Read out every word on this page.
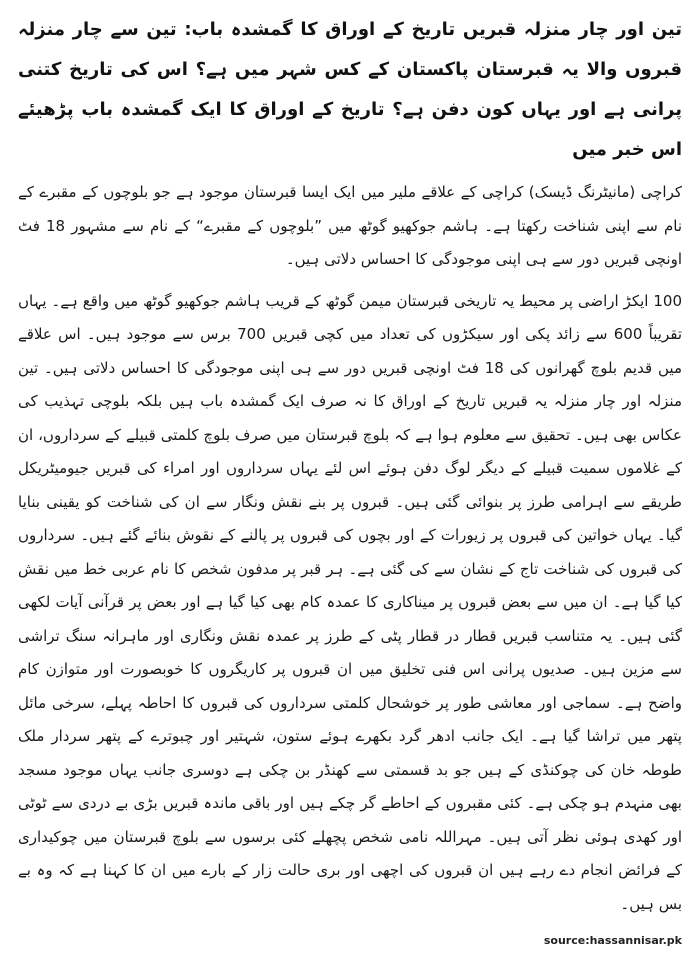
تین اور چار منزلہ قبریں تاریخ کے اوراق کا گمشدہ باب: تین سے چار منزلہ قبروں والا یہ قبرستان پاکستان کے کس شہر میں ہے؟ اس کی تاریخ کتنی پرانی ہے اور یہاں کون دفن ہے؟ تاریخ کے اوراق کا ایک گمشدہ باب پڑھیئے اس خبر میں

کراچی (مانیٹرنگ ڈیسک) کراچی کے علاقے ملیر میں ایک ایسا قبرستان موجود ہے جو بلوچوں کے مقبرے کے نام سے اپنی شناخت رکھتا ہے۔ ہاشم جوکھیو گوٹھ میں ”بلوچوں کے مقبرے“ کے نام سے مشہور 18 فٹ اونچی قبریں دور سے ہی اپنی موجودگی کا احساس دلاتی ہیں۔

100 ایکڑ اراضی پر محیط یہ تاریخی قبرستان میمن گوٹھ کے قریب ہاشم جوکھیو گوٹھ میں واقع ہے۔ یہاں تقریباً 600 سے زائد پکی اور سیکڑوں کی تعداد میں کچی قبریں 700 برس سے موجود ہیں۔ اس علاقے میں قدیم بلوچ گھرانوں کی 18 فٹ اونچی قبریں دور سے ہی اپنی موجودگی کا احساس دلاتی ہیں۔ تین منزلہ اور چار منزلہ یہ قبریں تاریخ کے اوراق کا نہ صرف ایک گمشدہ باب ہیں بلکہ بلوچی تہذیب کی عکاس بھی ہیں۔ تحقیق سے معلوم ہوا ہے کہ بلوچ قبرستان میں صرف بلوچ کلمتی قبیلے کے سرداروں، ان کے غلاموں سمیت قبیلے کے دیگر لوگ دفن ہوئے اس لئے یہاں سرداروں اور امراء کی قبریں جیومیٹریکل طریقے سے اہرامی طرز پر بنوائی گئی ہیں۔ قبروں پر بنے نقش ونگار سے ان کی شناخت کو یقینی بنایا گیا۔ یہاں خواتین کی قبروں پر زیورات کے اور بچوں کی قبروں پر پالنے کے نقوش بنائے گئے ہیں۔ سرداروں کی قبروں کی شناخت تاج کے نشان سے کی گئی ہے۔ ہر قبر پر مدفون شخص کا نام عربی خط میں نقش کیا گیا ہے۔ ان میں سے بعض قبروں پر میناکاری کا عمدہ کام بھی کیا گیا ہے اور بعض پر قرآنی آیات لکھی گئی ہیں۔ یہ متناسب قبریں قطار در قطار پٹی کے طرز پر عمدہ نقش ونگاری اور ماہرانہ سنگ تراشی سے مزین ہیں۔ صدیوں پرانی اس فنی تخلیق میں ان قبروں پر کاریگروں کا خوبصورت اور متوازن کام واضح ہے۔ سماجی اور معاشی طور پر خوشحال کلمتی سرداروں کی قبروں کا احاطہ پہلے، سرخی مائل پتھر میں تراشا گیا ہے۔ ایک جانب ادھر گرد بکھرے ہوئے ستون، شہتیر اور چبوترے کے پتھر سردار ملک طوطہ خان کی چوکنڈی کے ہیں جو بد قسمتی سے کھنڈر بن چکی ہے دوسری جانب یہاں موجود مسجد بھی منہدم ہو چکی ہے۔ کئی مقبروں کے احاطے گر چکے ہیں اور باقی ماندہ قبریں بڑی بے دردی سے ٹوٹی اور کھدی ہوئی نظر آتی ہیں۔ مہراللہ نامی شخص پچھلے کئی برسوں سے بلوچ قبرستان میں چوکیداری کے فرائض انجام دے رہے ہیں ان قبروں کی اچھی اور بری حالت زار کے بارے میں ان کا کہنا ہے کہ وہ بے بس ہیں۔

source:hassannisar.pk
